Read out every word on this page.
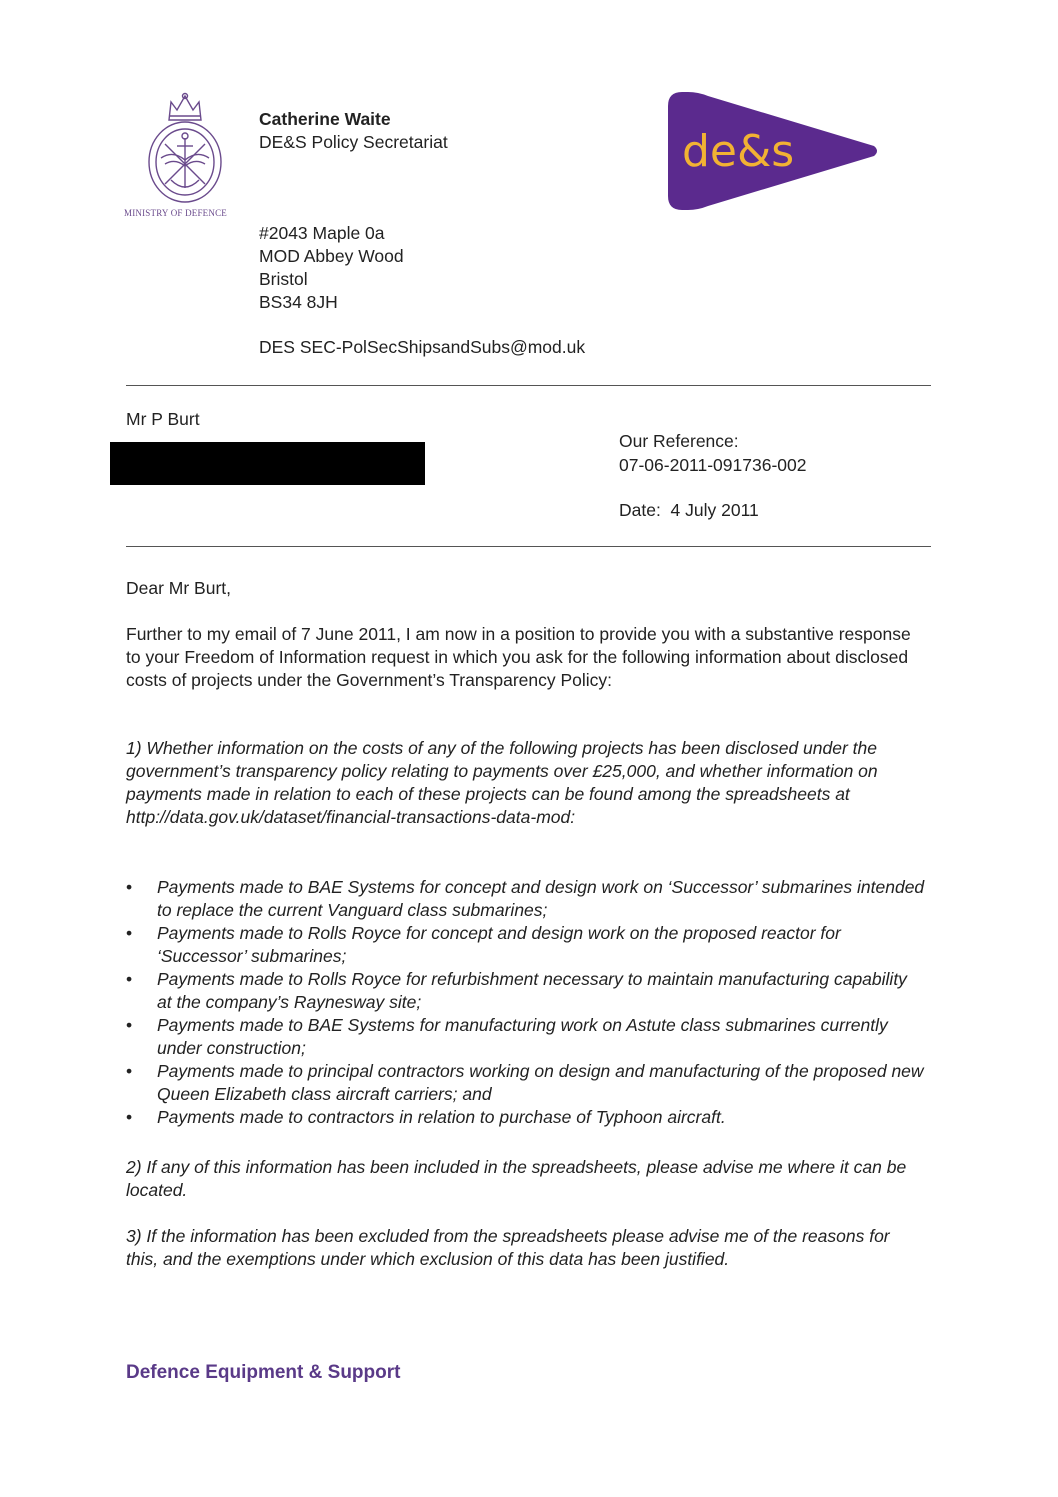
MINISTRY OF DEFENCE
Catherine Waite
DE&S Policy Secretariat
#2043 Maple 0a
MOD Abbey Wood
Bristol
BS34 8JH
DES SEC-PolSecShipsandSubs@mod.uk
de&s
Mr P Burt
Our Reference:
07-06-2011-091736-002
Date:  4 July 2011
Dear Mr Burt,
Further to my email of 7 June 2011, I am now in a position to provide you with a substantive response to your Freedom of Information request in which you ask for the following information about disclosed costs of projects under the Government’s Transparency Policy:
1) Whether information on the costs of any of the following projects has been disclosed under the government’s transparency policy relating to payments over £25,000, and whether information on payments made in relation to each of these projects can be found among the spreadsheets at http://data.gov.uk/dataset/financial-transactions-data-mod:
• Payments made to BAE Systems for concept and design work on ‘Successor’ submarines intended to replace the current Vanguard class submarines;
• Payments made to Rolls Royce for concept and design work on the proposed reactor for ‘Successor’ submarines;
• Payments made to Rolls Royce for refurbishment necessary to maintain manufacturing capability at the company’s Raynesway site;
• Payments made to BAE Systems for manufacturing work on Astute class submarines currently under construction;
• Payments made to principal contractors working on design and manufacturing of the proposed new Queen Elizabeth class aircraft carriers; and
• Payments made to contractors in relation to purchase of Typhoon aircraft.
2) If any of this information has been included in the spreadsheets, please advise me where it can be located.
3) If the information has been excluded from the spreadsheets please advise me of the reasons for this, and the exemptions under which exclusion of this data has been justified.
Defence Equipment & Support
